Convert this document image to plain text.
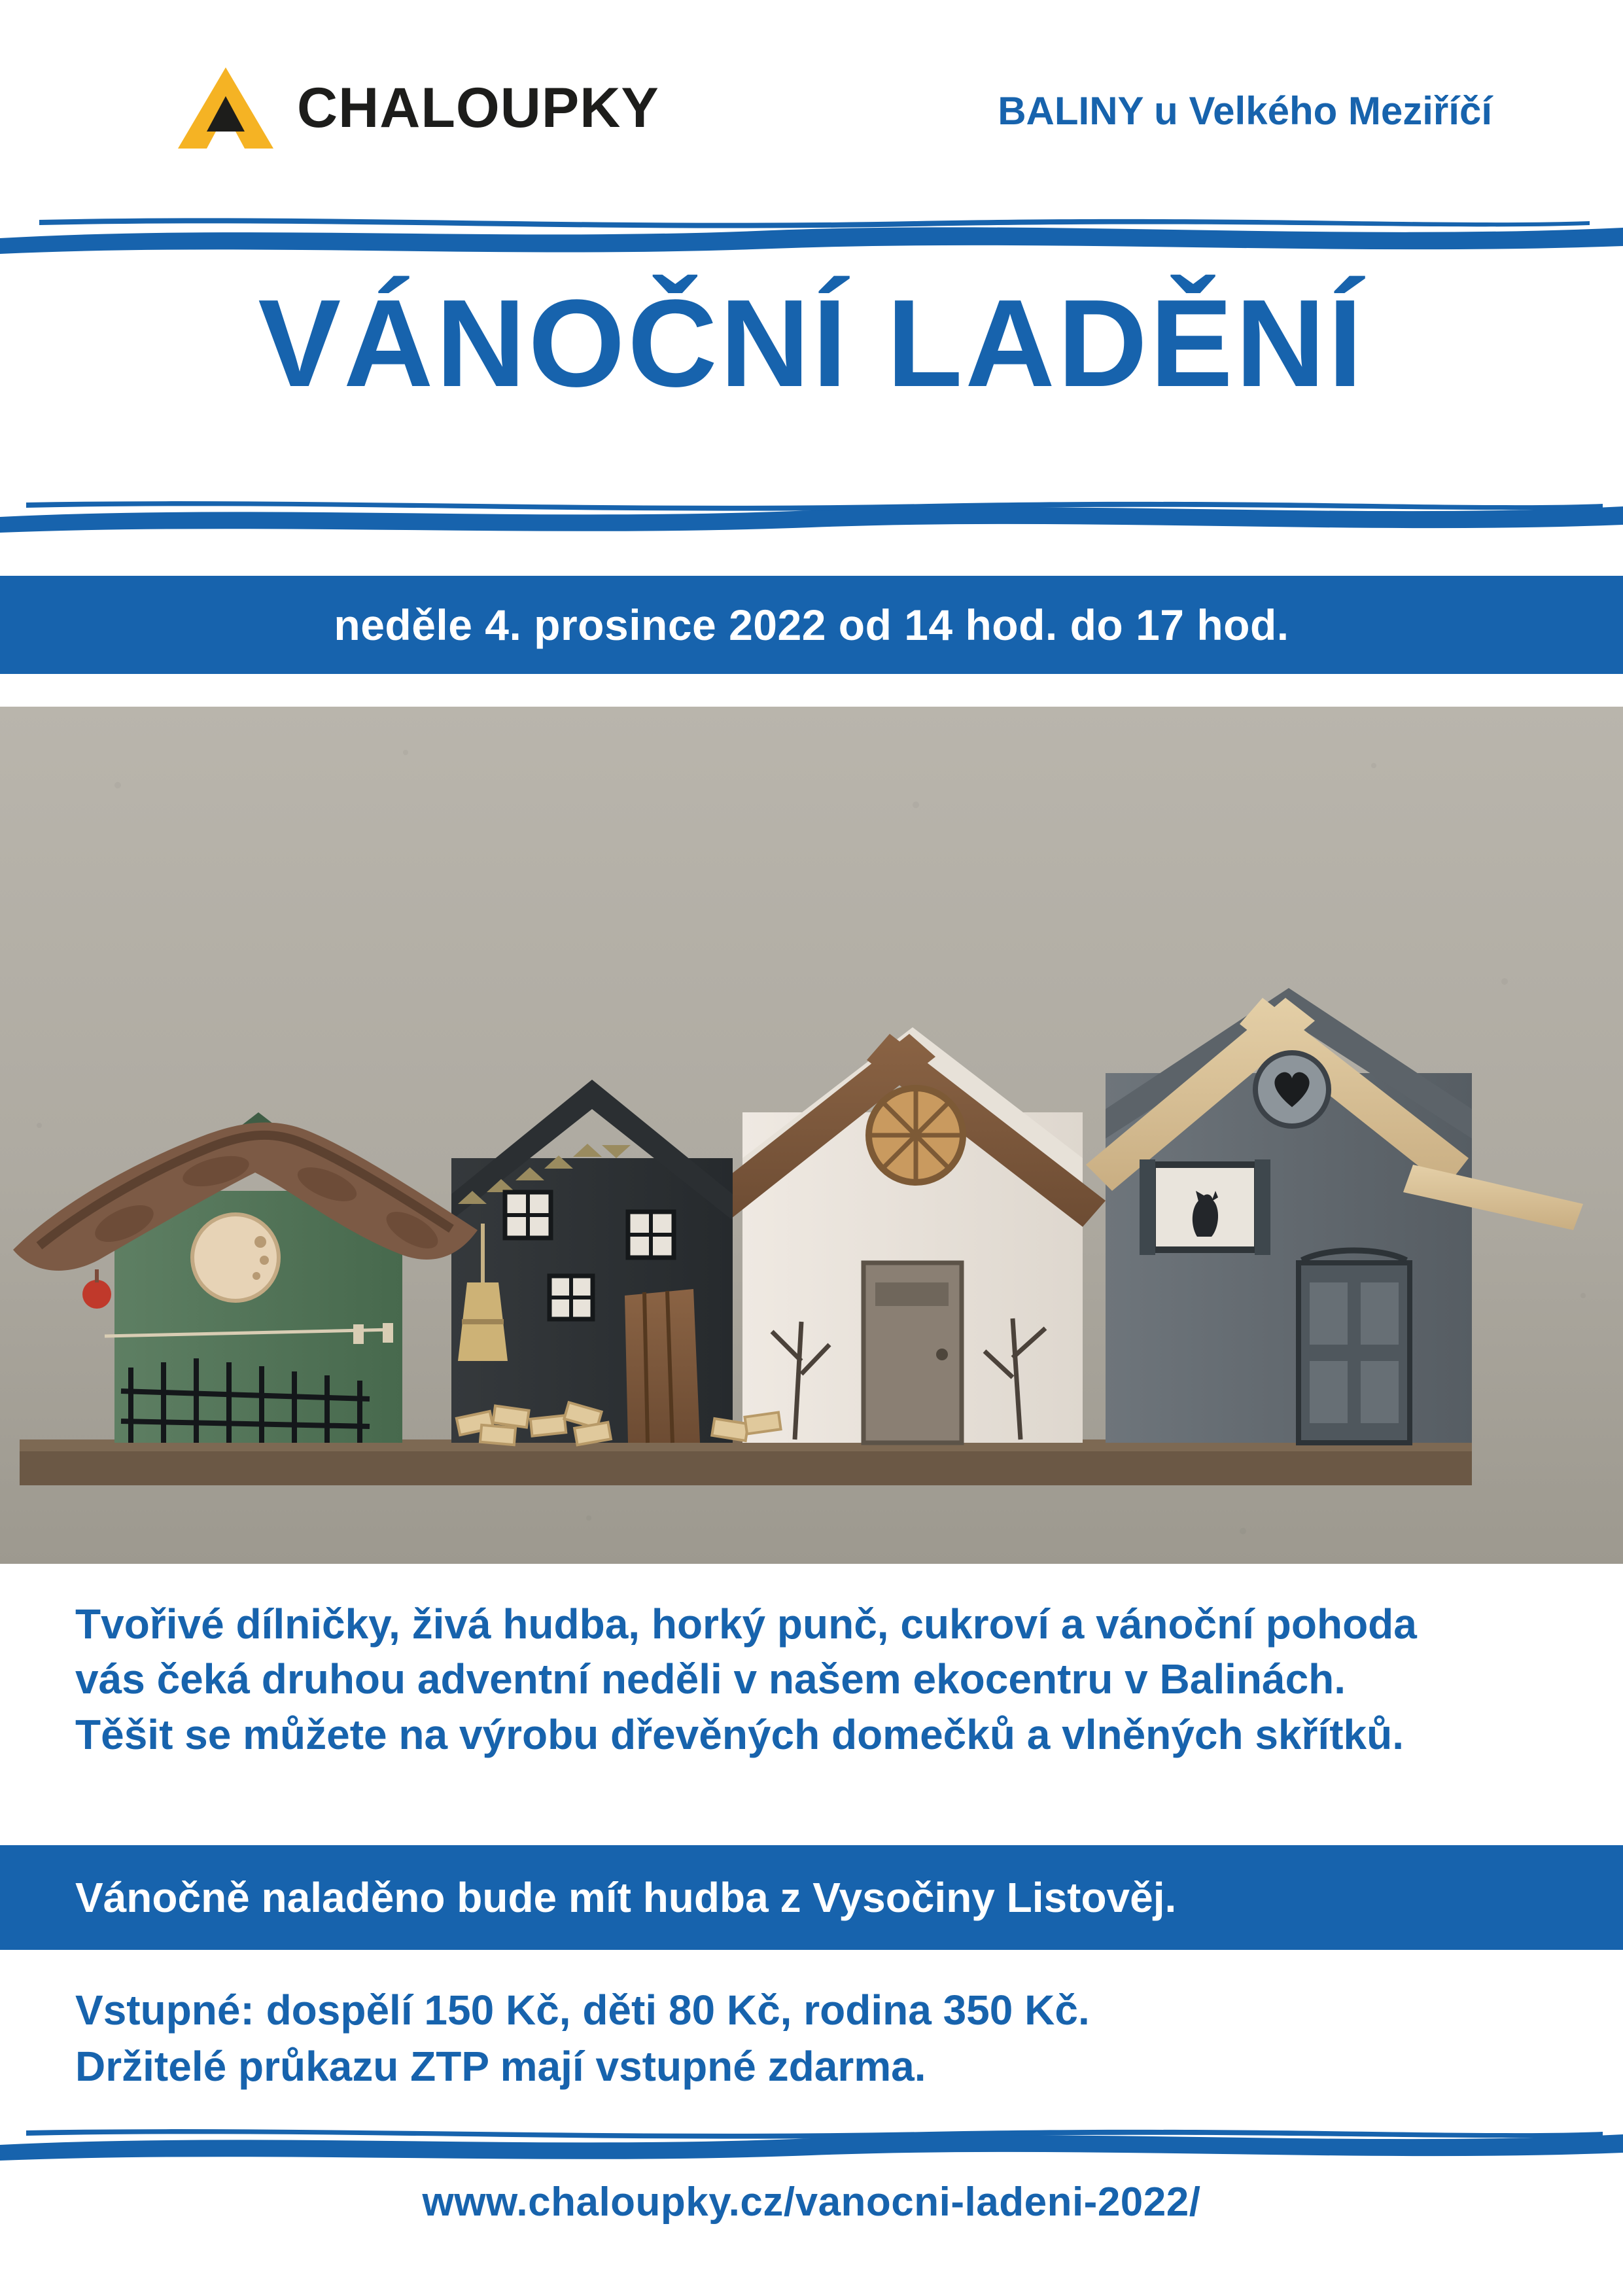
CHALOUPKY	BALINY u Velkého Meziříčí
VÁNOČNÍ LADĚNÍ
neděle 4. prosince 2022 od 14 hod. do 17 hod.

Tvořivé dílničky, živá hudba, horký punč, cukroví a vánoční pohoda

vás čeká druhou adventní neděli v našem ekocentru v Balinách.

Těšit se můžete na výrobu dřevěných domečků a vlněných skřítků.

Vánočně naladěno bude mít hudba z Vysočiny Listověj.

Vstupné: dospělí 150 Kč, děti 80 Kč, rodina 350 Kč.

Držitelé průkazu ZTP mají vstupné zdarma.

www.chaloupky.cz/vanocni-ladeni-2022/
